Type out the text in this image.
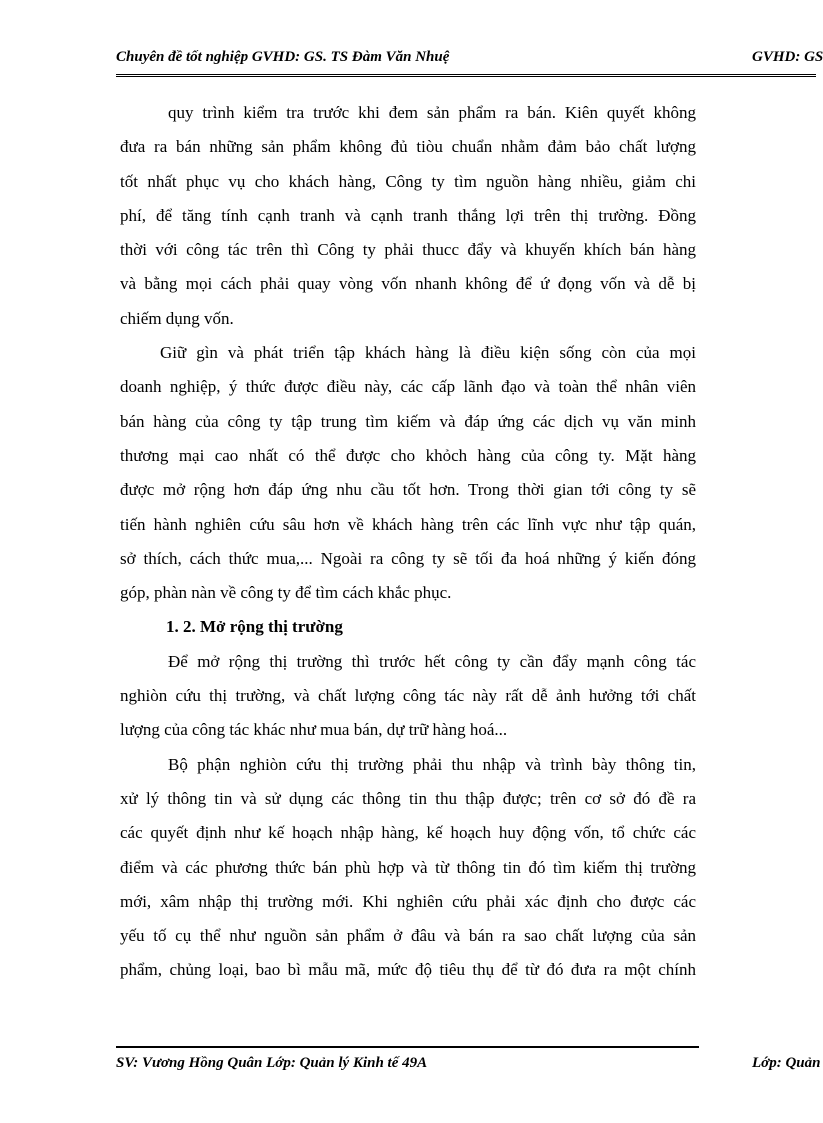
Chuyên đề tốt nghiệp GVHD: GS. TS Đàm Văn Nhuệ	GVHD: GS
quy trình kiểm tra trước khi đem sản phẩm ra bán. Kiên quyết không
đưa ra bán những sản phẩm không đủ tiòu chuẩn nhằm đảm bảo chất lượng
tốt nhất phục vụ cho khách hàng, Công ty tìm nguồn hàng nhiều, giảm chi
phí, để tăng tính cạnh tranh và cạnh tranh thắng lợi trên thị trường. Đồng
thời với công tác trên thì Công ty phải thucc đẩy và khuyến khích bán hàng
và bằng mọi cách phải quay vòng vốn nhanh không để ứ đọng vốn và dễ bị
chiếm dụng vốn.
Giữ gìn và phát triển tập khách hàng là điều kiện sống còn của mọi
doanh nghiệp, ý thức được điều này, các cấp lãnh đạo và toàn thể nhân viên
bán hàng của công ty tập trung tìm kiếm và đáp ứng các dịch vụ văn minh
thương mại cao nhất có thể được cho khỏch hàng của công ty. Mặt hàng
được mở rộng hơn đáp ứng nhu cầu tốt hơn. Trong thời gian tới công ty sẽ
tiến hành nghiên cứu sâu hơn về khách hàng trên các lĩnh vực như tập quán,
sở thích, cách thức mua,... Ngoài ra công ty sẽ tối đa hoá những ý kiến đóng
góp, phàn nàn về công ty để tìm cách khắc phục.
1. 2. Mở rộng thị trường
Để mở rộng thị trường thì trước hết công ty cần đẩy mạnh công tác
nghiòn cứu thị trường, và chất lượng công tác này rất dễ ảnh hưởng tới chất
lượng của công tác khác như mua bán, dự trữ hàng hoá...
Bộ phận nghiòn cứu thị trường phải thu nhập và trình bày thông tin,
xử lý thông tin và sử dụng các thông tin thu thập được; trên cơ sở đó đề ra
các quyết định như kế hoạch nhập hàng, kế hoạch huy động vốn, tổ chức các
điểm và các phương thức bán phù hợp và từ thông tin đó tìm kiếm thị trường
mới, xâm nhập thị trường mới. Khi nghiên cứu phải xác định cho được các
yếu tố cụ thể như nguồn sản phẩm ở đâu và bán ra sao chất lượng của sản
phẩm, chủng loại, bao bì mẫu mã, mức độ tiêu thụ để từ đó đưa ra một chính
SV: Vương Hồng Quân Lớp: Quản lý Kinh tế 49A	Lớp: Quản
